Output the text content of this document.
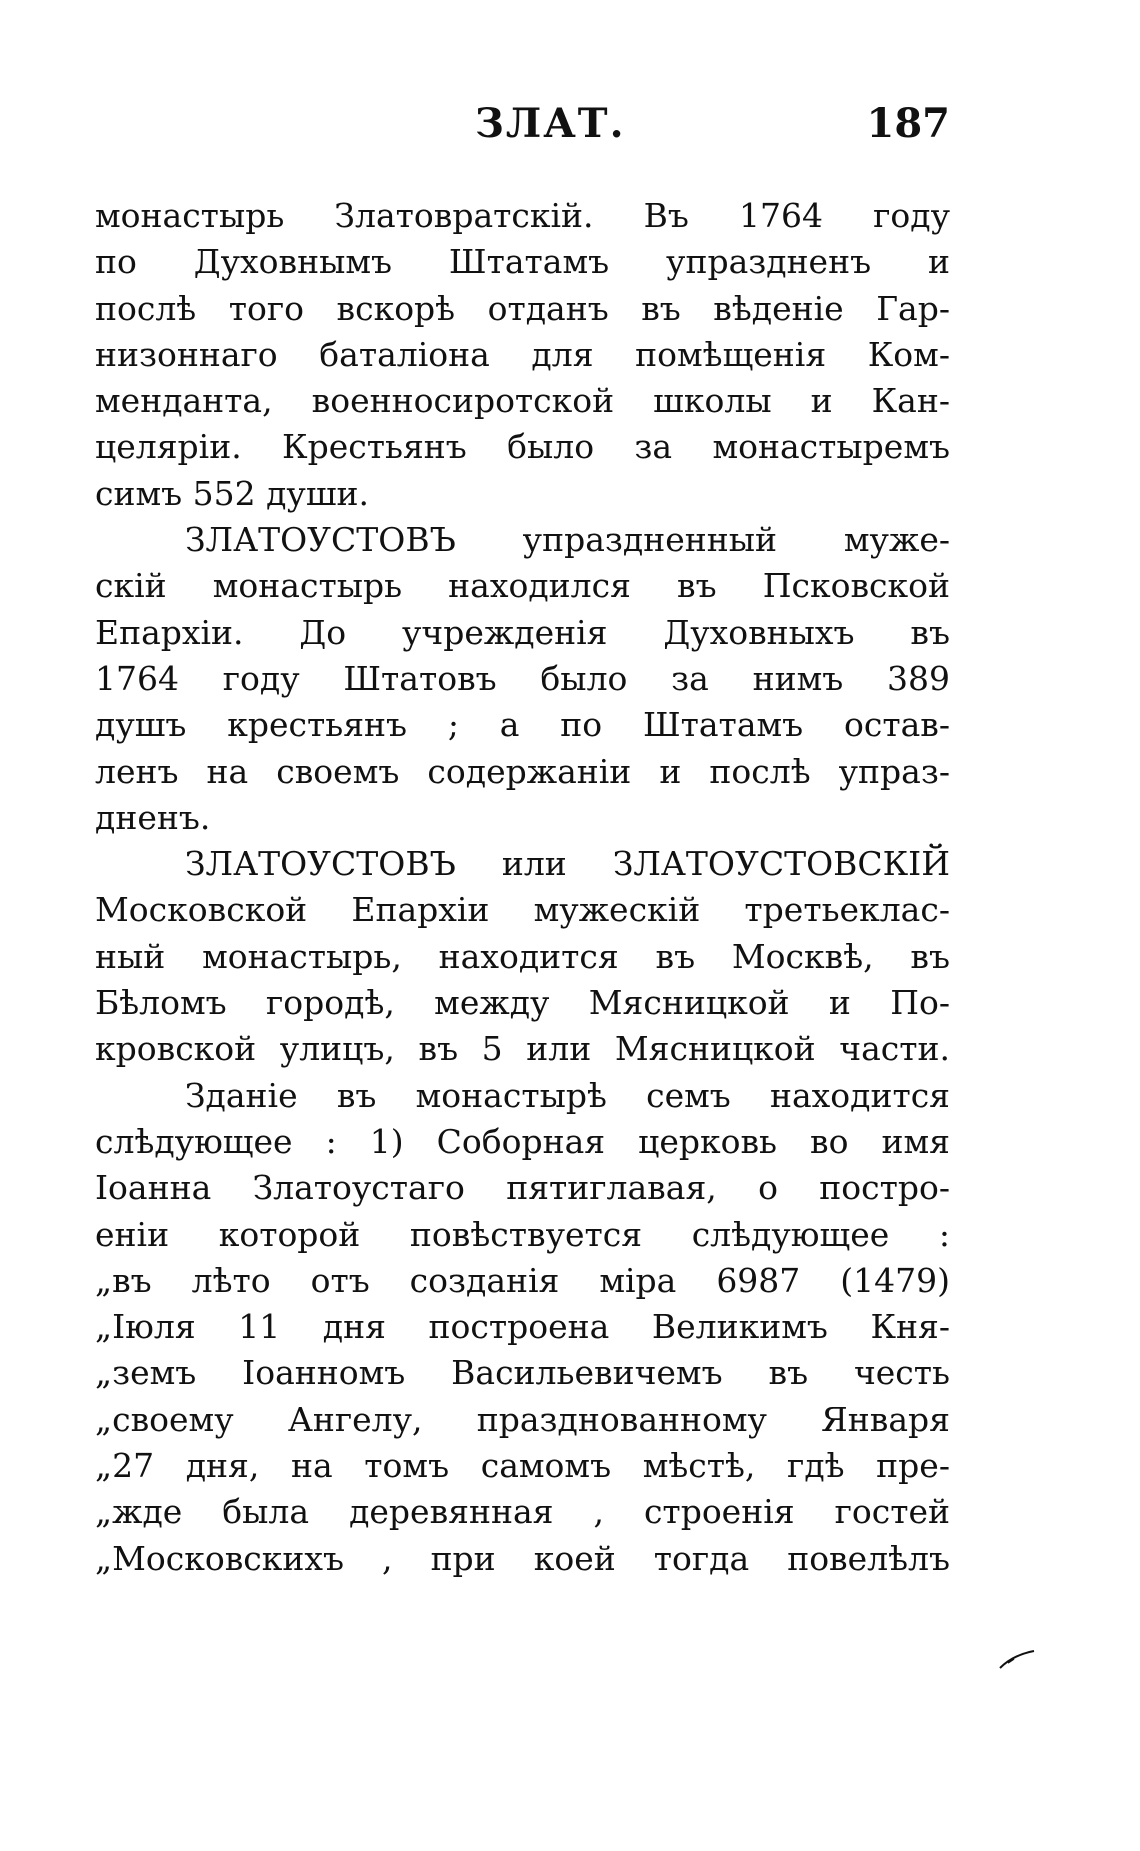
ЗЛАТ.	187
монастырь Златовратскій. Въ 1764 году
по Духовнымъ Штатамъ упраздненъ и
послѣ того вскорѣ отданъ въ вѣденіе Гар-
низоннаго баталіона для помѣщенія Ком-
мендантa, военносиротской школы и Кан-
целяріи. Крестьянъ было за монастыремъ
симъ 552 души.
ЗЛАТОУСТОВЪ упраздненный муже-
скій монастырь находился въ Псковской
Епархіи. До учрежденія Духовныхъ въ
1764 году Штатовъ было за нимъ 389
душъ крестьянъ ; а по Штатамъ остав-
ленъ на своемъ содержаніи и послѣ упраз-
дненъ.
ЗЛАТОУСТОВЪ или ЗЛАТОУСТОВСКІЙ
Московской Епархіи мужескій третьеклас-
ный монастырь, находится въ Москвѣ, въ
Бѣломъ городѣ, между Мясницкой и По-
кровской улицъ, въ 5 или Мясницкой части.
Зданіе въ монастырѣ семъ находится
слѣдующее : 1) Соборная церковь во имя
Іоанна Златоустаго пятиглавая, о постро-
еніи которой повѣствуется слѣдующее :
„въ лѣто отъ созданія міра 6987 (1479)
„Іюля 11 дня построена Великимъ Кня-
„земъ Іоанномъ Васильевичемъ въ честь
„своему Ангелу, празднованному Января
„27 дня, на томъ самомъ мѣстѣ, гдѣ пре-
„жде была деревянная , строенія гостей
„Московскихъ , при коей тогда повелѣлъ
